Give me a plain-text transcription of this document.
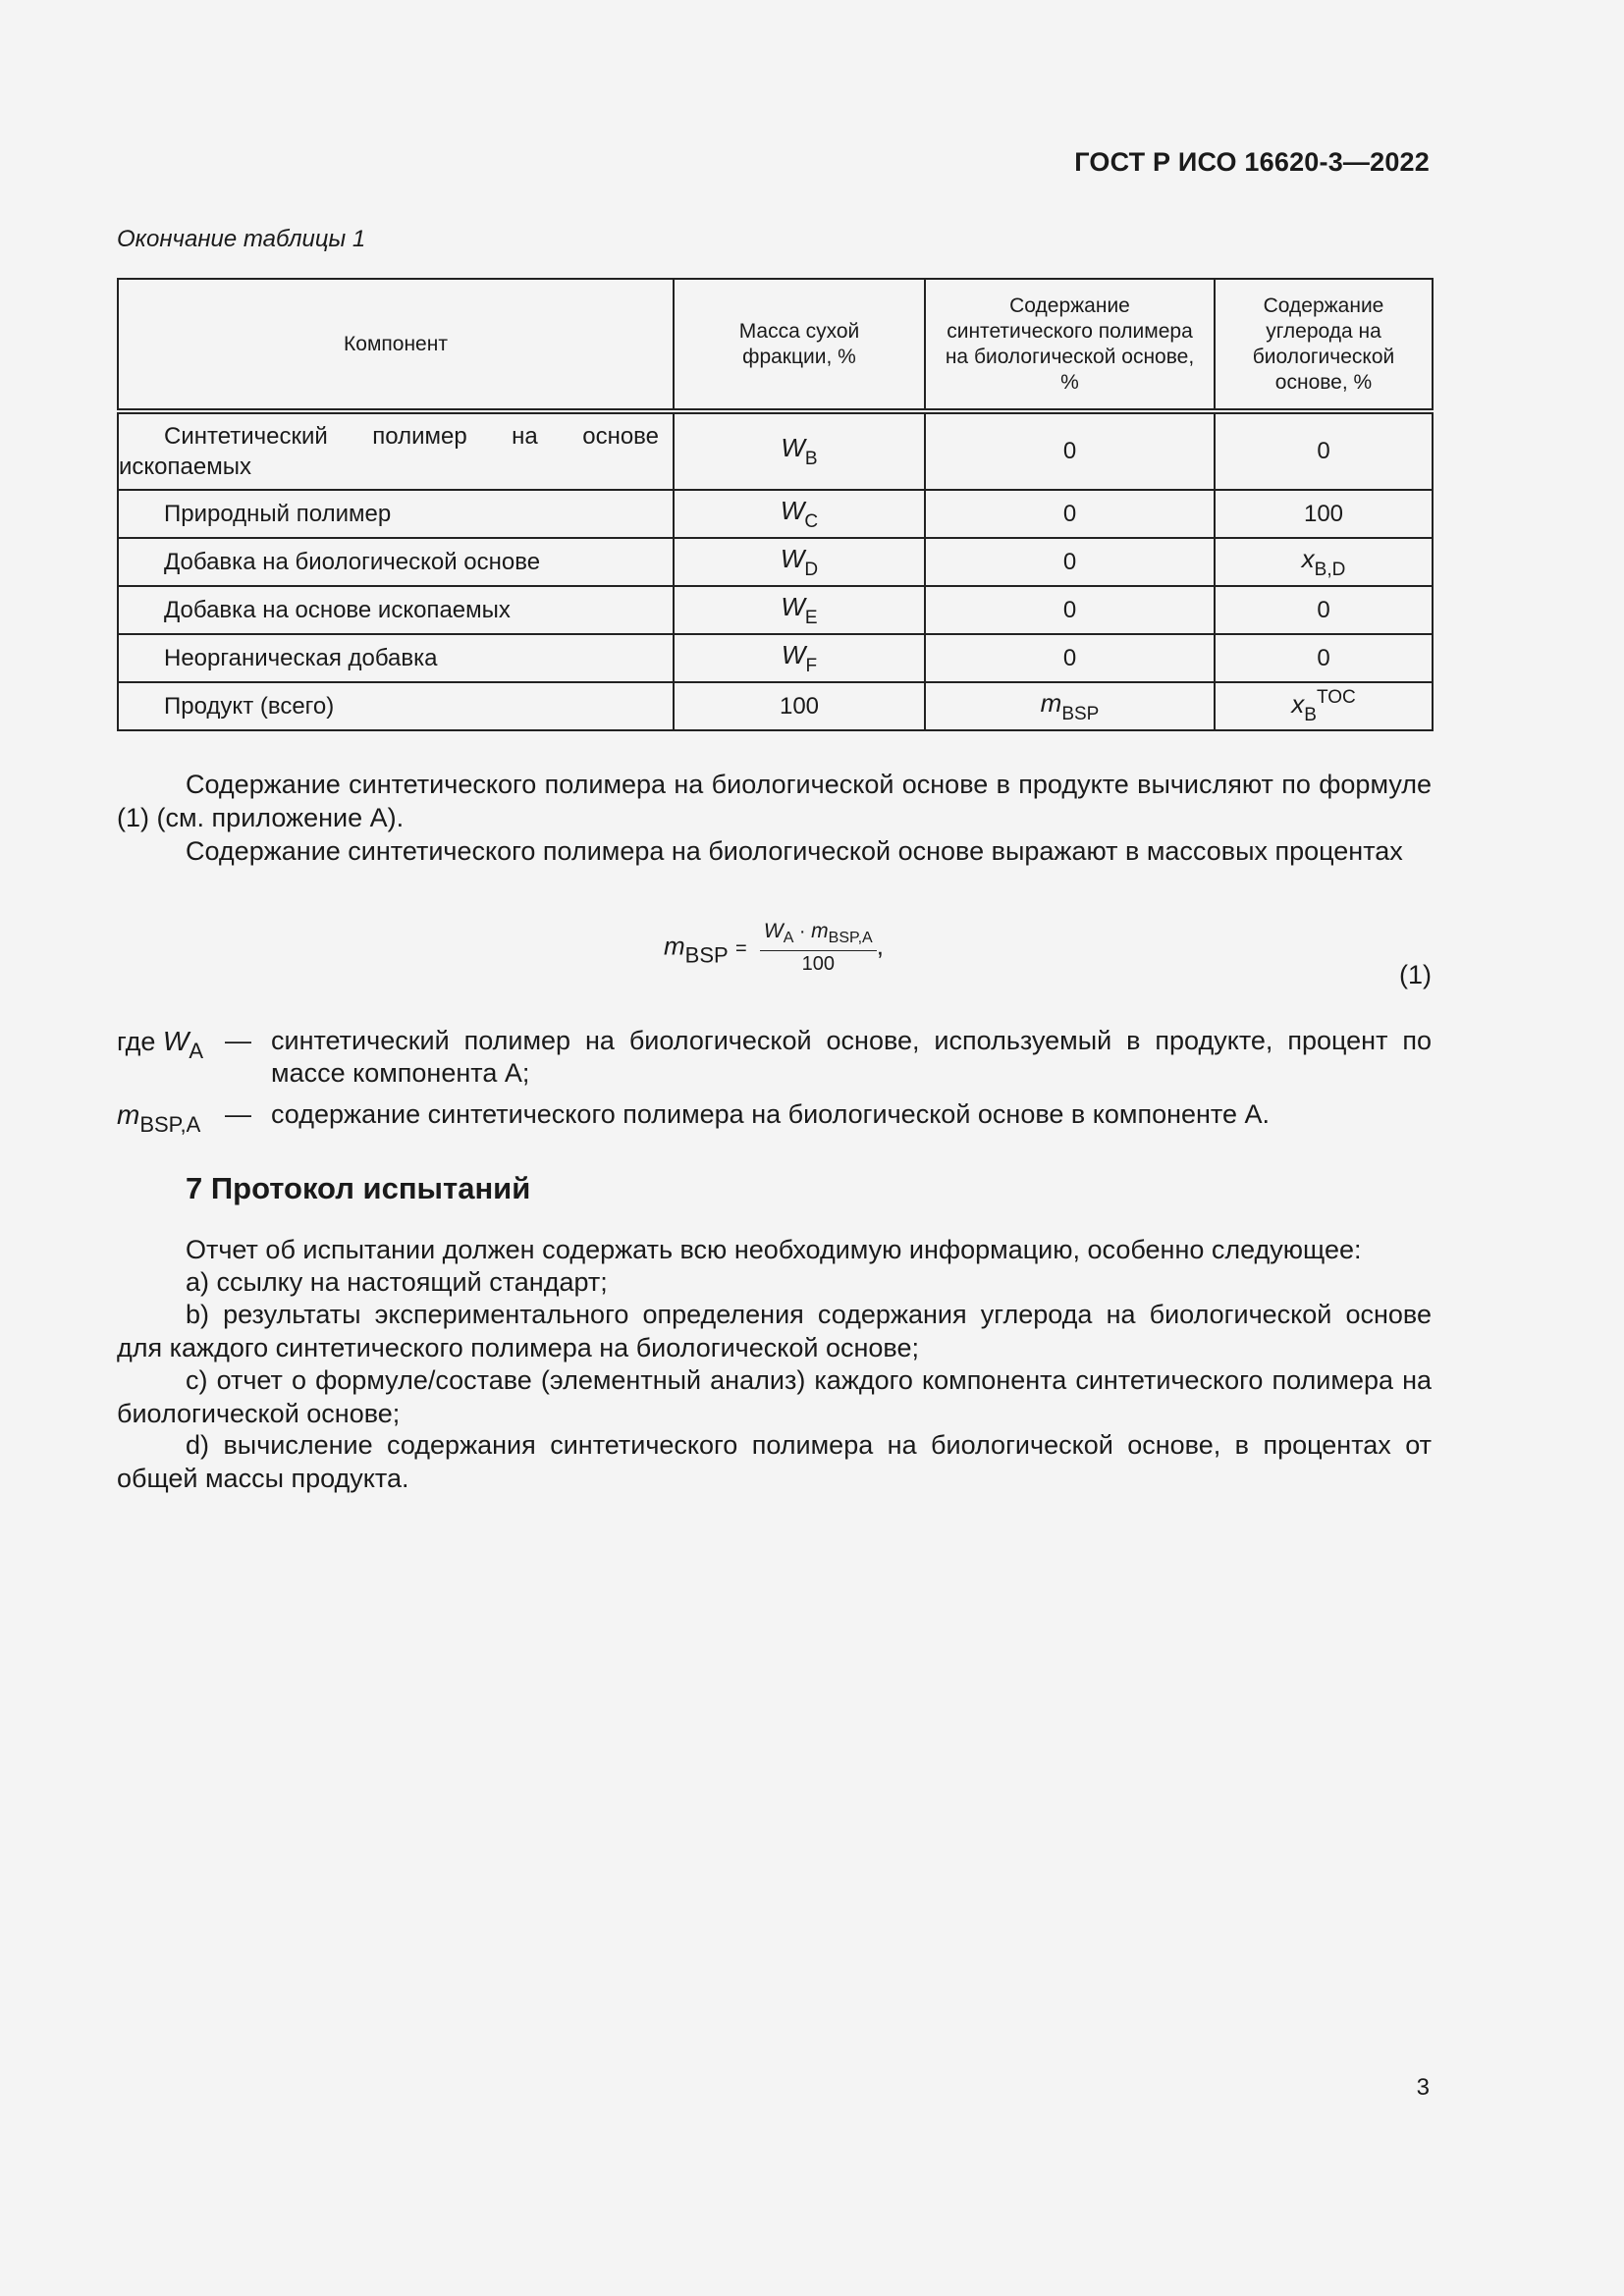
ГОСТ Р ИСО 16620-3—2022
Окончание таблицы 1
Компонент	Масса сухой фракции, %	Содержание синтетического полимера на биологической основе, %	Содержание углерода на биологической основе, %

Синтетический полимер на основе ископаемых	$W_B$	0	0
Природный полимер	$W_C$	0	100
Добавка на биологической основе	$W_D$	0	$x_{B,D}$
Добавка на основе ископаемых	$W_E$	0	0
Неорганическая добавка	$W_F$	0	0
Продукт (всего)	100	$m_{BSP}$	$x_B^{TOC}$
Содержание синтетического полимера на биологической основе в продукте вычисляют по формуле (1) (см. приложение А).
Содержание синтетического полимера на биологической основе выражают в массовых процентах
$m_{BSP} = \frac{W_A \cdot m_{BSP,A}}{100}$ ,
(1)
где $W_A$ — синтетический полимер на биологической основе, используемый в продукте, процент по массе компонента А;
$m_{BSP,A}$ — содержание синтетического полимера на биологической основе в компоненте А.
7 Протокол испытаний
Отчет об испытании должен содержать всю необходимую информацию, особенно следующее:
a) ссылку на настоящий стандарт;
b) результаты экспериментального определения содержания углерода на биологической основе для каждого синтетического полимера на биологической основе;
c) отчет о формуле/составе (элементный анализ) каждого компонента синтетического полимера на биологической основе;
d) вычисление содержания синтетического полимера на биологической основе, в процентах от общей массы продукта.
3
